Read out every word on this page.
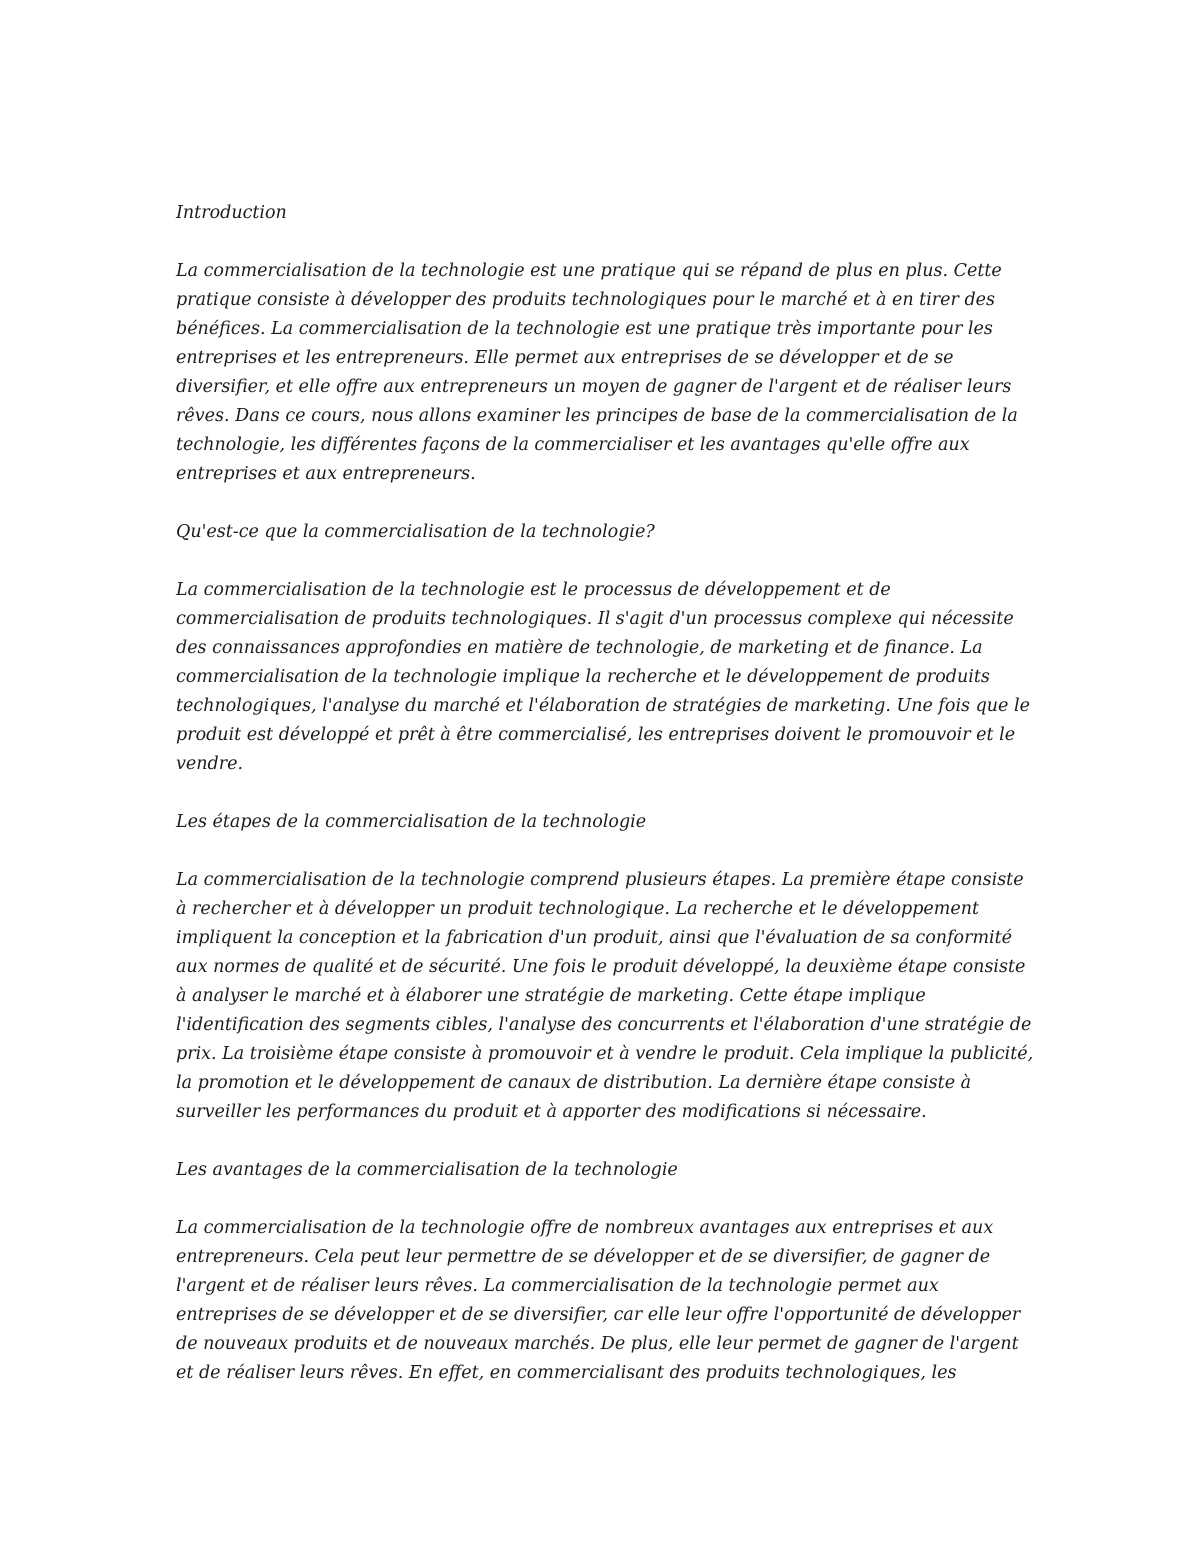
Introduction

La commercialisation de la technologie est une pratique qui se répand de plus en plus. Cette pratique consiste à développer des produits technologiques pour le marché et à en tirer des bénéfices. La commercialisation de la technologie est une pratique très importante pour les entreprises et les entrepreneurs. Elle permet aux entreprises de se développer et de se diversifier, et elle offre aux entrepreneurs un moyen de gagner de l'argent et de réaliser leurs rêves. Dans ce cours, nous allons examiner les principes de base de la commercialisation de la technologie, les différentes façons de la commercialiser et les avantages qu'elle offre aux entreprises et aux entrepreneurs.

Qu'est-ce que la commercialisation de la technologie?

La commercialisation de la technologie est le processus de développement et de commercialisation de produits technologiques. Il s'agit d'un processus complexe qui nécessite des connaissances approfondies en matière de technologie, de marketing et de finance. La commercialisation de la technologie implique la recherche et le développement de produits technologiques, l'analyse du marché et l'élaboration de stratégies de marketing. Une fois que le produit est développé et prêt à être commercialisé, les entreprises doivent le promouvoir et le vendre.

Les étapes de la commercialisation de la technologie

La commercialisation de la technologie comprend plusieurs étapes. La première étape consiste à rechercher et à développer un produit technologique. La recherche et le développement impliquent la conception et la fabrication d'un produit, ainsi que l'évaluation de sa conformité aux normes de qualité et de sécurité. Une fois le produit développé, la deuxième étape consiste à analyser le marché et à élaborer une stratégie de marketing. Cette étape implique l'identification des segments cibles, l'analyse des concurrents et l'élaboration d'une stratégie de prix. La troisième étape consiste à promouvoir et à vendre le produit. Cela implique la publicité, la promotion et le développement de canaux de distribution. La dernière étape consiste à surveiller les performances du produit et à apporter des modifications si nécessaire.

Les avantages de la commercialisation de la technologie

La commercialisation de la technologie offre de nombreux avantages aux entreprises et aux entrepreneurs. Cela peut leur permettre de se développer et de se diversifier, de gagner de l'argent et de réaliser leurs rêves. La commercialisation de la technologie permet aux entreprises de se développer et de se diversifier, car elle leur offre l'opportunité de développer de nouveaux produits et de nouveaux marchés. De plus, elle leur permet de gagner de l'argent et de réaliser leurs rêves. En effet, en commercialisant des produits technologiques, les
